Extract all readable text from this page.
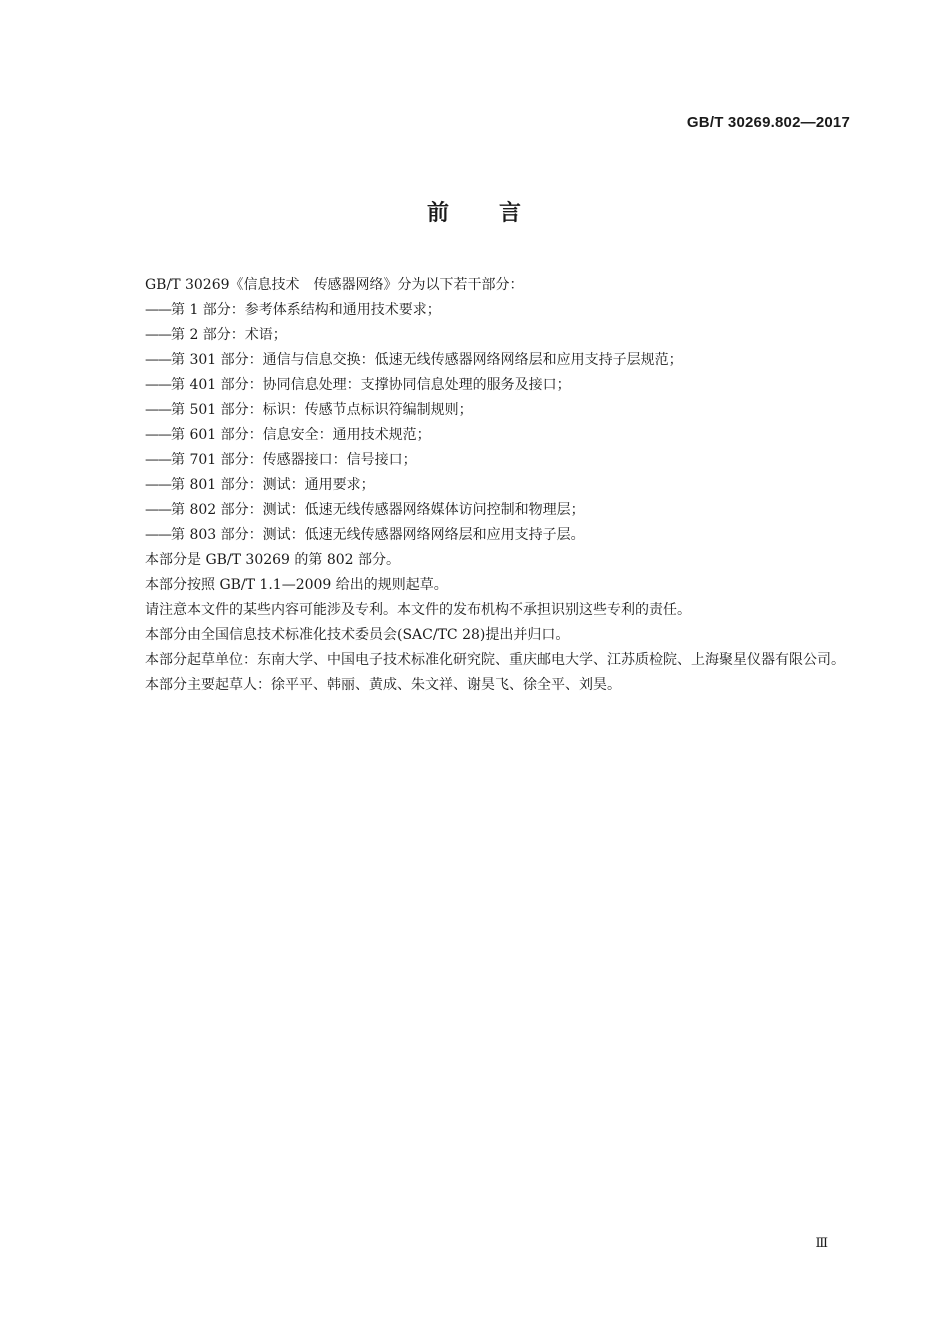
GB/T 30269.802—2017
前 言

GB/T 30269《信息技术　传感器网络》分为以下若干部分：

——第 1 部分：参考体系结构和通用技术要求；

——第 2 部分：术语；

——第 301 部分：通信与信息交换：低速无线传感器网络网络层和应用支持子层规范；

——第 401 部分：协同信息处理：支撑协同信息处理的服务及接口；

——第 501 部分：标识：传感节点标识符编制规则；

——第 601 部分：信息安全：通用技术规范；

——第 701 部分：传感器接口：信号接口；

——第 801 部分：测试：通用要求；

——第 802 部分：测试：低速无线传感器网络媒体访问控制和物理层；

——第 803 部分：测试：低速无线传感器网络网络层和应用支持子层。

本部分是 GB/T 30269 的第 802 部分。

本部分按照 GB/T 1.1—2009 给出的规则起草。

请注意本文件的某些内容可能涉及专利。本文件的发布机构不承担识别这些专利的责任。

本部分由全国信息技术标准化技术委员会(SAC/TC 28)提出并归口。

本部分起草单位：东南大学、中国电子技术标准化研究院、重庆邮电大学、江苏质检院、上海聚星仪器有限公司。

本部分主要起草人：徐平平、韩丽、黄成、朱文祥、谢昊飞、徐全平、刘昊。

Ⅲ
